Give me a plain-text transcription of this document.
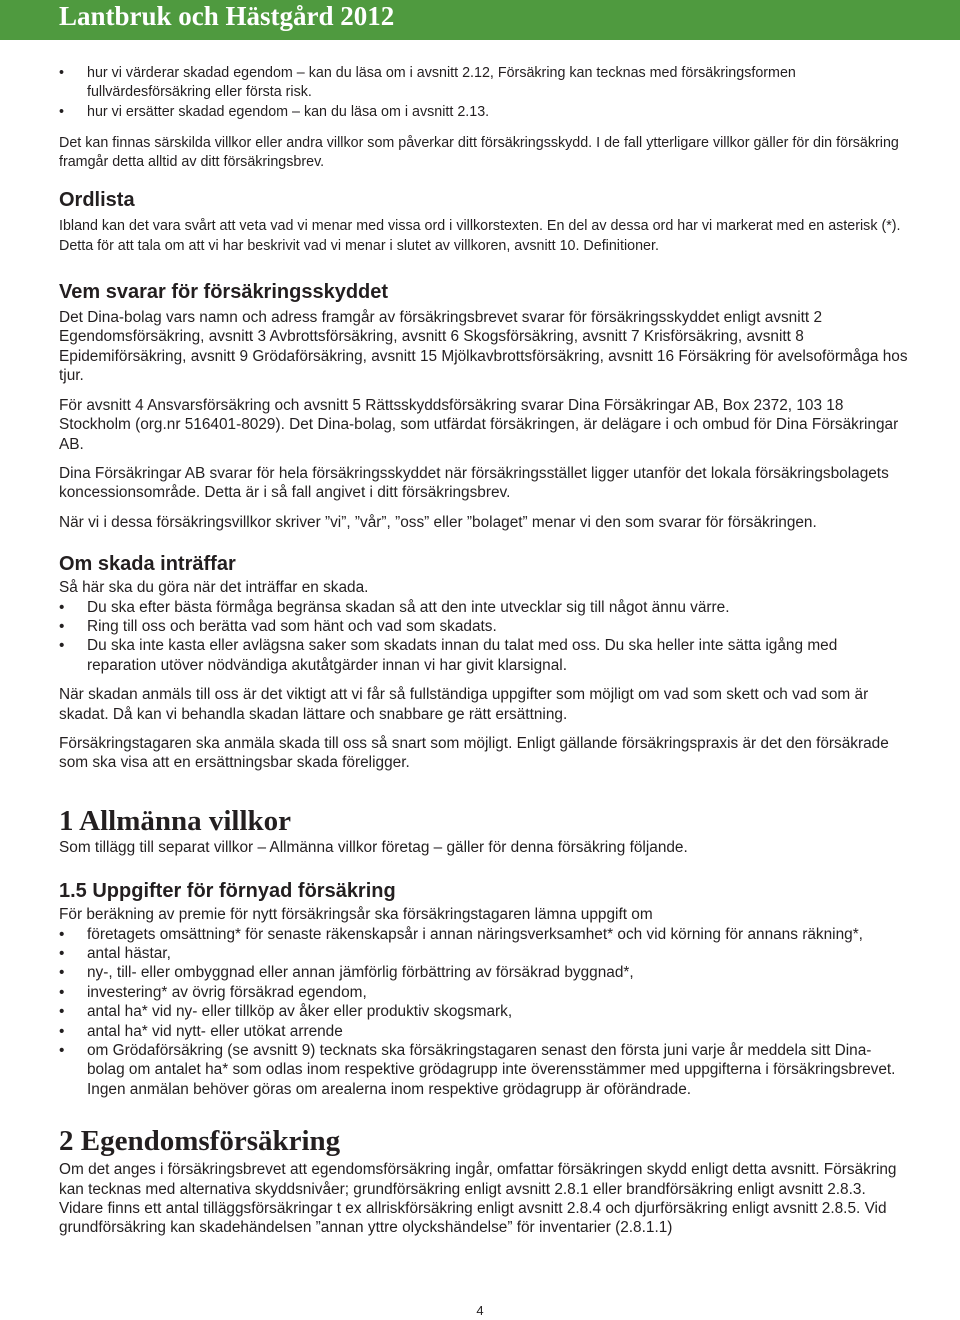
Lantbruk och Hästgård 2012
• hur vi värderar skadad egendom – kan du läsa om i avsnitt 2.12, Försäkring kan tecknas med försäkringsformen fullvärdesförsäkring eller första risk.
• hur vi ersätter skadad egendom – kan du läsa om i avsnitt 2.13.

Det kan finnas särskilda villkor eller andra villkor som påverkar ditt försäkringsskydd. I de fall ytterligare villkor gäller för din försäkring framgår detta alltid av ditt försäkringsbrev.

Ordlista

Ibland kan det vara svårt att veta vad vi menar med vissa ord i villkorstexten. En del av dessa ord har vi markerat med en asterisk (*). Detta för att tala om att vi har beskrivit vad vi menar i slutet av villkoren, avsnitt 10. Definitioner.

Vem svarar för försäkringsskyddet

Det Dina-bolag vars namn och adress framgår av försäkringsbrevet svarar för försäkringsskyddet enligt avsnitt 2 Egendomsförsäkring, avsnitt 3 Avbrottsförsäkring, avsnitt 6 Skogsförsäkring, avsnitt 7 Krisförsäkring, avsnitt 8 Epidemiförsäkring, avsnitt 9 Grödaförsäkring, avsnitt 15 Mjölkavbrottsförsäkring, avsnitt 16 Försäkring för avelsoförmåga hos tjur.

För avsnitt 4 Ansvarsförsäkring och avsnitt 5 Rättsskyddsförsäkring svarar Dina Försäkringar AB, Box 2372, 103 18 Stockholm (org.nr 516401-8029). Det Dina-bolag, som utfärdat försäkringen, är delägare i och ombud för Dina Försäkringar AB.

Dina Försäkringar AB svarar för hela försäkringsskyddet när försäkringsstället ligger utanför det lokala försäkringsbolagets koncessionsområde. Detta är i så fall angivet i ditt försäkringsbrev.

När vi i dessa försäkringsvillkor skriver ”vi”, ”vår”, ”oss” eller ”bolaget” menar vi den som svarar för försäkringen.

Om skada inträffar

Så här ska du göra när det inträffar en skada.

• Du ska efter bästa förmåga begränsa skadan så att den inte utvecklar sig till något ännu värre.
• Ring till oss och berätta vad som hänt och vad som skadats.
• Du ska inte kasta eller avlägsna saker som skadats innan du talat med oss. Du ska heller inte sätta igång med reparation utöver nödvändiga akutåtgärder innan vi har givit klarsignal.

När skadan anmäls till oss är det viktigt att vi får så fullständiga uppgifter som möjligt om vad som skett och vad som är skadat. Då kan vi behandla skadan lättare och snabbare ge rätt ersättning.

Försäkringstagaren ska anmäla skada till oss så snart som möjligt. Enligt gällande försäkringspraxis är det den försäkrade som ska visa att en ersättningsbar skada föreligger.

1 Allmänna villkor

Som tillägg till separat villkor – Allmänna villkor företag – gäller för denna försäkring följande.

1.5 Uppgifter för förnyad försäkring

För beräkning av premie för nytt försäkringsår ska försäkringstagaren lämna uppgift om

• företagets omsättning* för senaste räkenskapsår i annan näringsverksamhet* och vid körning för annans räkning*,
• antal hästar,
• ny-, till- eller ombyggnad eller annan jämförlig förbättring av försäkrad byggnad*,
• investering* av övrig försäkrad egendom,
• antal ha* vid ny- eller tillköp av åker eller produktiv skogsmark,
• antal ha* vid nytt- eller utökat arrende
• om Grödaförsäkring (se avsnitt 9) tecknats ska försäkringstagaren senast den första juni varje år meddela sitt Dina-bolag om antalet ha* som odlas inom respektive grödagrupp inte överensstämmer med uppgifterna i försäkringsbrevet. Ingen anmälan behöver göras om arealerna inom respektive grödagrupp är oförändrade.
2 Egendomsförsäkring

Om det anges i försäkringsbrevet att egendomsförsäkring ingår, omfattar försäkringen skydd enligt detta avsnitt. Försäkring kan tecknas med alternativa skyddsnivåer; grundförsäkring enligt avsnitt 2.8.1 eller brandförsäkring enligt avsnitt 2.8.3. Vidare finns ett antal tilläggsförsäkringar t ex allriskförsäkring enligt avsnitt 2.8.4 och djurförsäkring enligt avsnitt 2.8.5. Vid grundförsäkring kan skadehändelsen ”annan yttre olyckshändelse” för inventarier (2.8.1.1)

4
